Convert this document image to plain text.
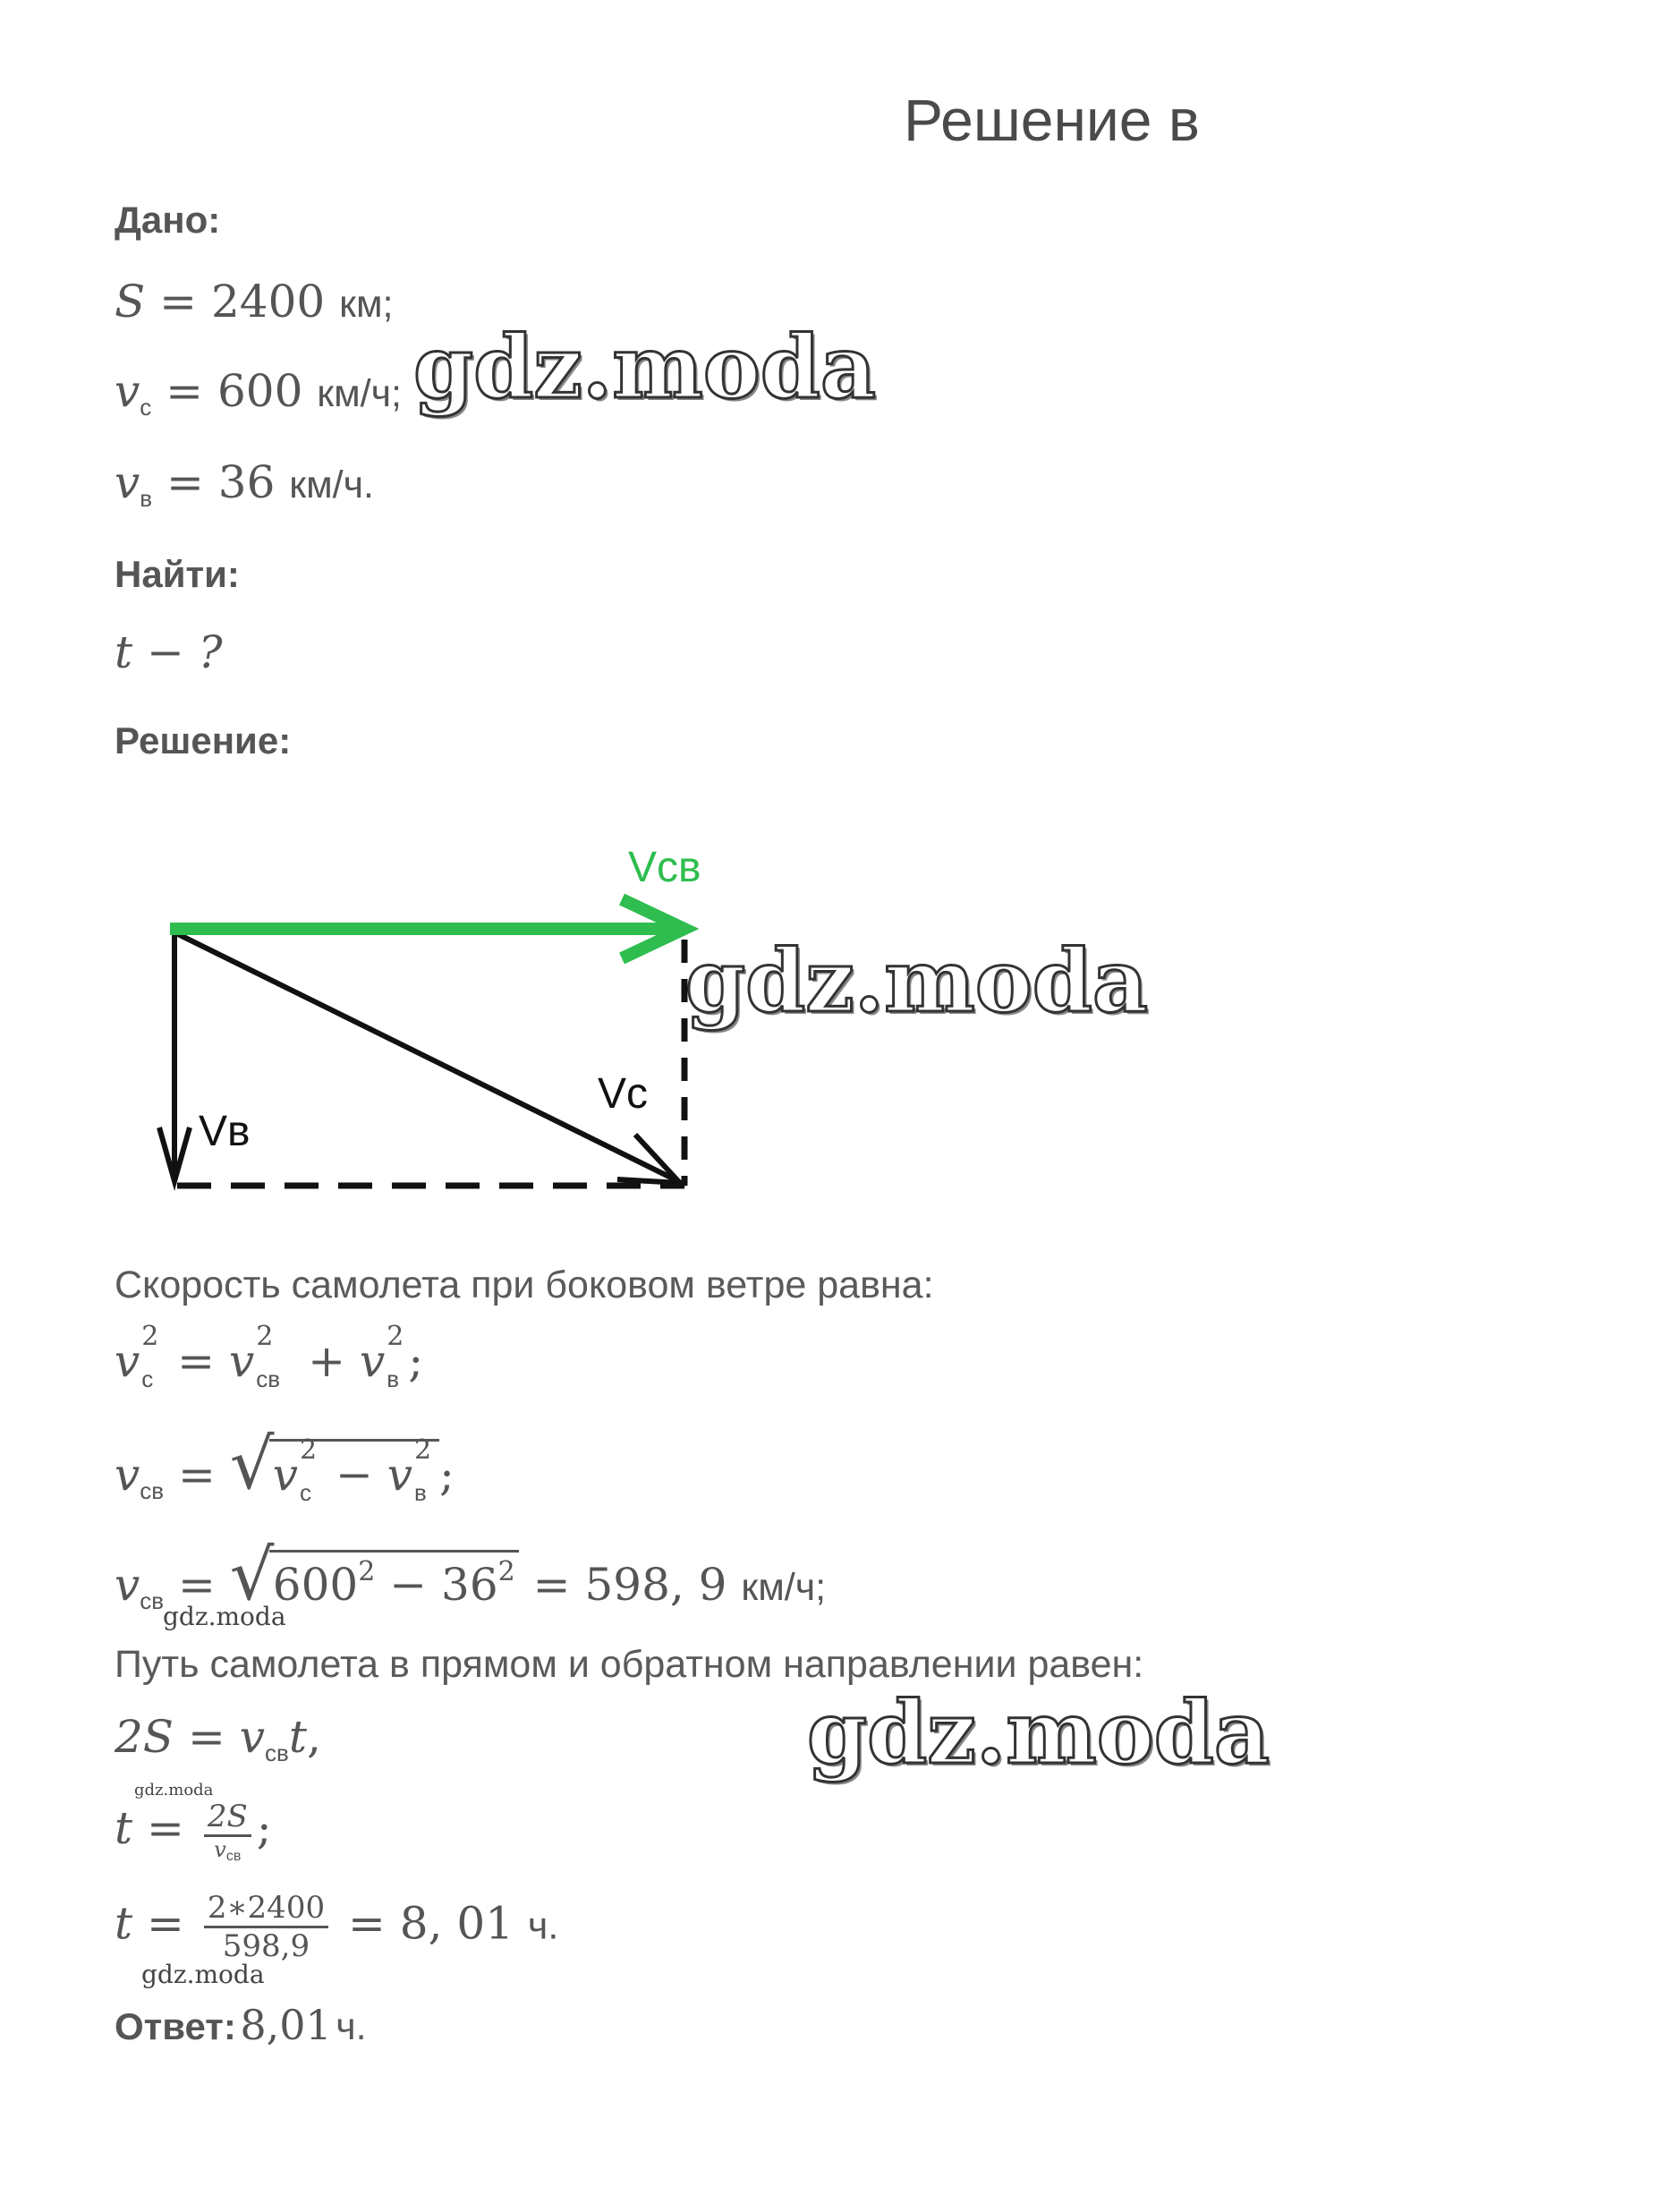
Решение в
Дано:
S = 2400 км;
$v_с = 600$ км/ч;
$v_в = 36$ км/ч.
Найти:
t − ?
Решение:
Vсв
Vс
Vв
Скорость самолета при боковом ветре равна:
v 2
с = v 2
св + v 2
в ;
$v_{св}$ = √
v 2
с − v 2
в ;
$v_{св}$ = √
$600^2 - 36^2 = 598$, 9 км/ч;
gdz.moda
Путь самолета в прямом и обратном направлении равен:
$2S = v_{св}t$,
gdz.moda
$t = \frac{2S}{v_{св}}$ ;
$t = \frac{2∗2400}{598,9} = 8$, 01 ч.
gdz.moda
Ответ: 8,01 ч.
gdz.moda
gdz.moda
gdz.moda
